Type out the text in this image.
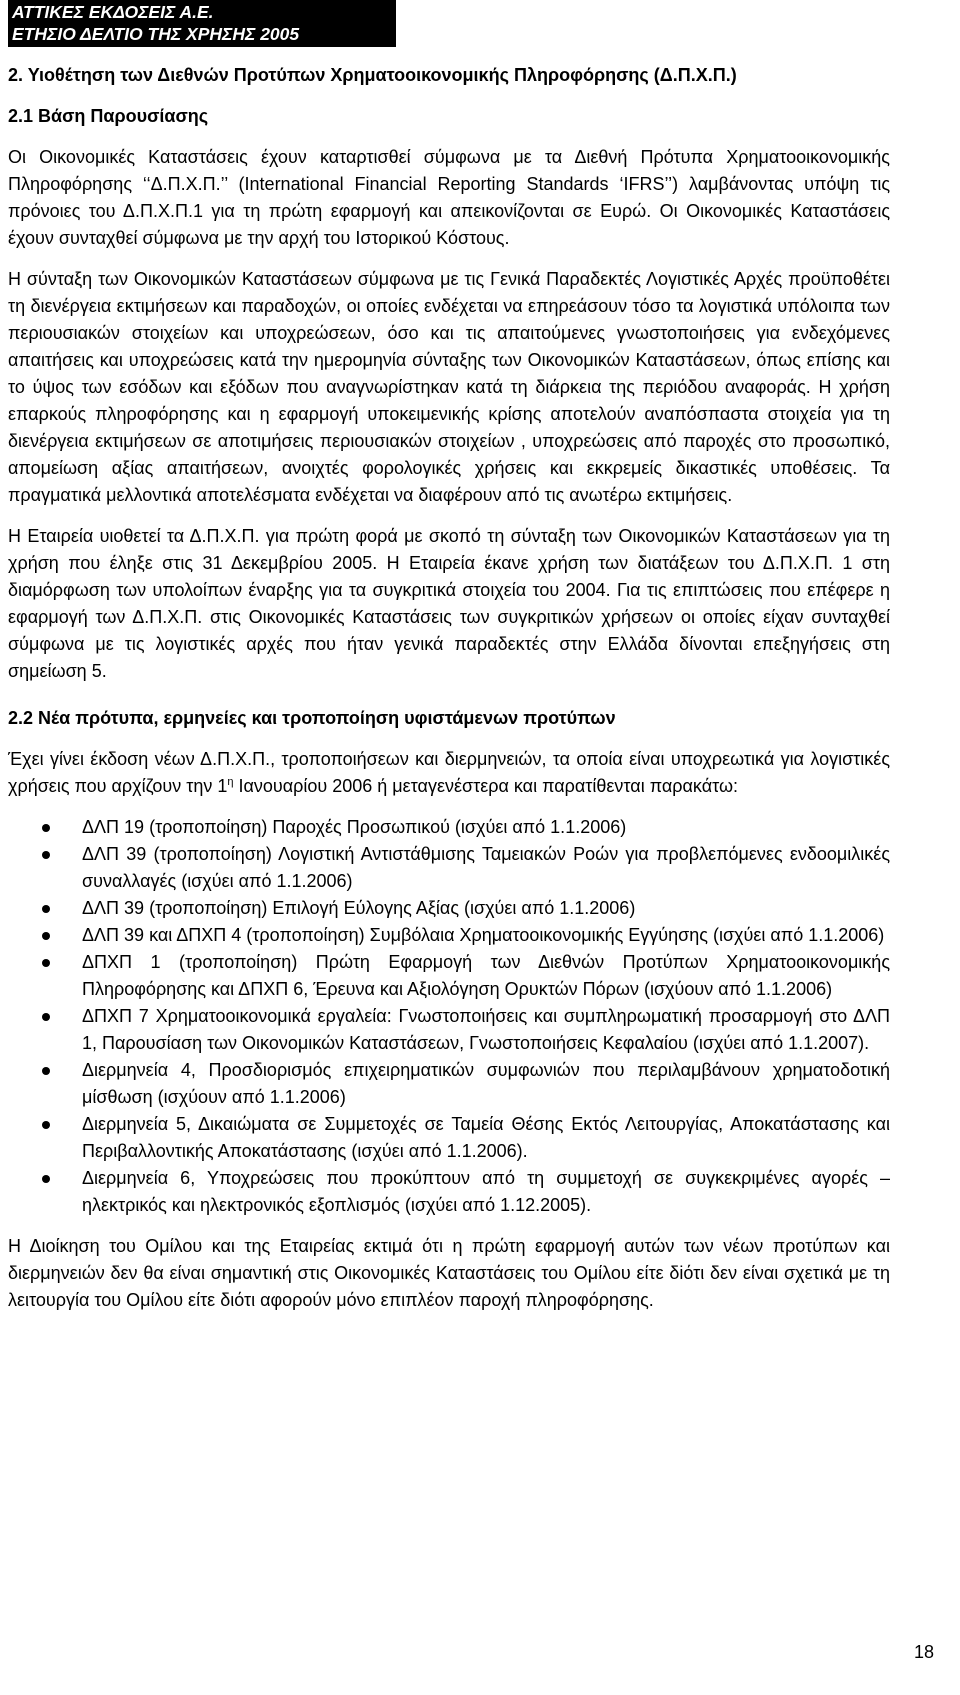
ΑΤΤΙΚΕΣ ΕΚΔΟΣΕΙΣ Α.Ε.
ΕΤΗΣΙΟ ΔΕΛΤΙΟ ΤΗΣ ΧΡΗΣΗΣ 2005

2. Υιοθέτηση των Διεθνών Προτύπων Χρηματοοικονομικής Πληροφόρησης (Δ.Π.Χ.Π.)

2.1 Βάση Παρουσίασης

Οι Οικονομικές Καταστάσεις έχουν καταρτισθεί σύμφωνα με τα Διεθνή Πρότυπα Χρηματοοικονομικής Πληροφόρησης ‘‘Δ.Π.Χ.Π.’’ (International Financial Reporting Standards ‘IFRS’’) λαμβάνοντας υπόψη τις πρόνοιες του Δ.Π.Χ.Π.1 για τη πρώτη εφαρμογή και απεικονίζονται σε Ευρώ. Οι Οικονομικές Καταστάσεις έχουν συνταχθεί σύμφωνα με την αρχή του Ιστορικού Κόστους.

Η σύνταξη των Οικονομικών Καταστάσεων σύμφωνα με τις Γενικά Παραδεκτές Λογιστικές Αρχές προϋποθέτει τη διενέργεια εκτιμήσεων και παραδοχών, οι οποίες ενδέχεται να επηρεάσουν τόσο τα λογιστικά υπόλοιπα των περιουσιακών στοιχείων και υποχρεώσεων, όσο και τις απαιτούμενες γνωστοποιήσεις για ενδεχόμενες απαιτήσεις και υποχρεώσεις κατά την ημερομηνία σύνταξης των Οικονομικών Καταστάσεων, όπως επίσης και το ύψος των εσόδων και εξόδων που αναγνωρίστηκαν κατά τη διάρκεια της περιόδου αναφοράς. Η χρήση επαρκούς πληροφόρησης και η εφαρμογή υποκειμενικής κρίσης αποτελούν αναπόσπαστα στοιχεία για τη διενέργεια εκτιμήσεων σε αποτιμήσεις περιουσιακών στοιχείων , υποχρεώσεις από παροχές στο προσωπικό, απομείωση αξίας απαιτήσεων, ανοιχτές φορολογικές χρήσεις και εκκρεμείς δικαστικές υποθέσεις. Τα πραγματικά μελλοντικά αποτελέσματα ενδέχεται να διαφέρουν από τις ανωτέρω εκτιμήσεις.

Η Εταιρεία υιοθετεί τα Δ.Π.Χ.Π. για πρώτη φορά με σκοπό τη σύνταξη των Οικονομικών Καταστάσεων για τη χρήση που έληξε στις 31 Δεκεμβρίου 2005. Η Εταιρεία έκανε χρήση των διατάξεων του Δ.Π.Χ.Π. 1 στη διαμόρφωση των υπολοίπων έναρξης για τα συγκριτικά στοιχεία του 2004. Για τις επιπτώσεις που επέφερε η εφαρμογή των Δ.Π.Χ.Π. στις Οικονομικές Καταστάσεις των συγκριτικών χρήσεων οι οποίες είχαν συνταχθεί σύμφωνα με τις λογιστικές αρχές που ήταν γενικά παραδεκτές στην Ελλάδα δίνονται επεξηγήσεις στη σημείωση 5.

2.2 Νέα πρότυπα, ερμηνείες και τροποποίηση υφιστάμενων προτύπων

Έχει γίνει έκδοση νέων Δ.Π.Χ.Π., τροποποιήσεων και διερμηνειών, τα οποία είναι υποχρεωτικά για λογιστικές χρήσεις που αρχίζουν την $1^\eta$ Ιανουαρίου 2006 ή μεταγενέστερα και παρατίθενται παρακάτω:

ΔΛΠ 19 (τροποποίηση) Παροχές Προσωπικού (ισχύει από 1.1.2006)
ΔΛΠ 39 (τροποποίηση) Λογιστική Αντιστάθμισης Ταμειακών Ροών για προβλεπόμενες ενδοομιλικές συναλλαγές (ισχύει από 1.1.2006)
ΔΛΠ 39 (τροποποίηση) Επιλογή Εύλογης Αξίας (ισχύει από 1.1.2006)
ΔΛΠ 39 και ΔΠΧΠ 4 (τροποποίηση) Συμβόλαια Χρηματοοικονομικής Εγγύησης (ισχύει από 1.1.2006)
ΔΠΧΠ 1 (τροποποίηση) Πρώτη Εφαρμογή των Διεθνών Προτύπων Χρηματοοικονομικής Πληροφόρησης και ΔΠΧΠ 6, Έρευνα και Αξιολόγηση Ορυκτών Πόρων (ισχύουν από 1.1.2006)
ΔΠΧΠ 7 Χρηματοοικονομικά εργαλεία: Γνωστοποιήσεις και συμπληρωματική προσαρμογή στο ΔΛΠ 1, Παρουσίαση των Οικονομικών Καταστάσεων, Γνωστοποιήσεις Κεφαλαίου (ισχύει από 1.1.2007).
Διερμηνεία 4, Προσδιορισμός επιχειρηματικών συμφωνιών που περιλαμβάνουν χρηματοδοτική μίσθωση (ισχύουν από 1.1.2006)
Διερμηνεία 5, Δικαιώματα σε Συμμετοχές σε Ταμεία Θέσης Εκτός Λειτουργίας, Αποκατάστασης και Περιβαλλοντικής Αποκατάστασης (ισχύει από 1.1.2006).
Διερμηνεία 6, Υποχρεώσεις που προκύπτουν από τη συμμετοχή σε συγκεκριμένες αγορές – ηλεκτρικός και ηλεκτρονικός εξοπλισμός (ισχύει από 1.12.2005).

Η Διοίκηση του Ομίλου και της Εταιρείας εκτιμά ότι η πρώτη εφαρμογή αυτών των νέων προτύπων και διερμηνειών δεν θα είναι σημαντική στις Οικονομικές Καταστάσεις του Ομίλου είτε δiότι δεν είναι σχετικά με τη λειτουργία του Ομίλου είτε διότι αφορούν μόνο επιπλέον παροχή πληροφόρησης.

18
